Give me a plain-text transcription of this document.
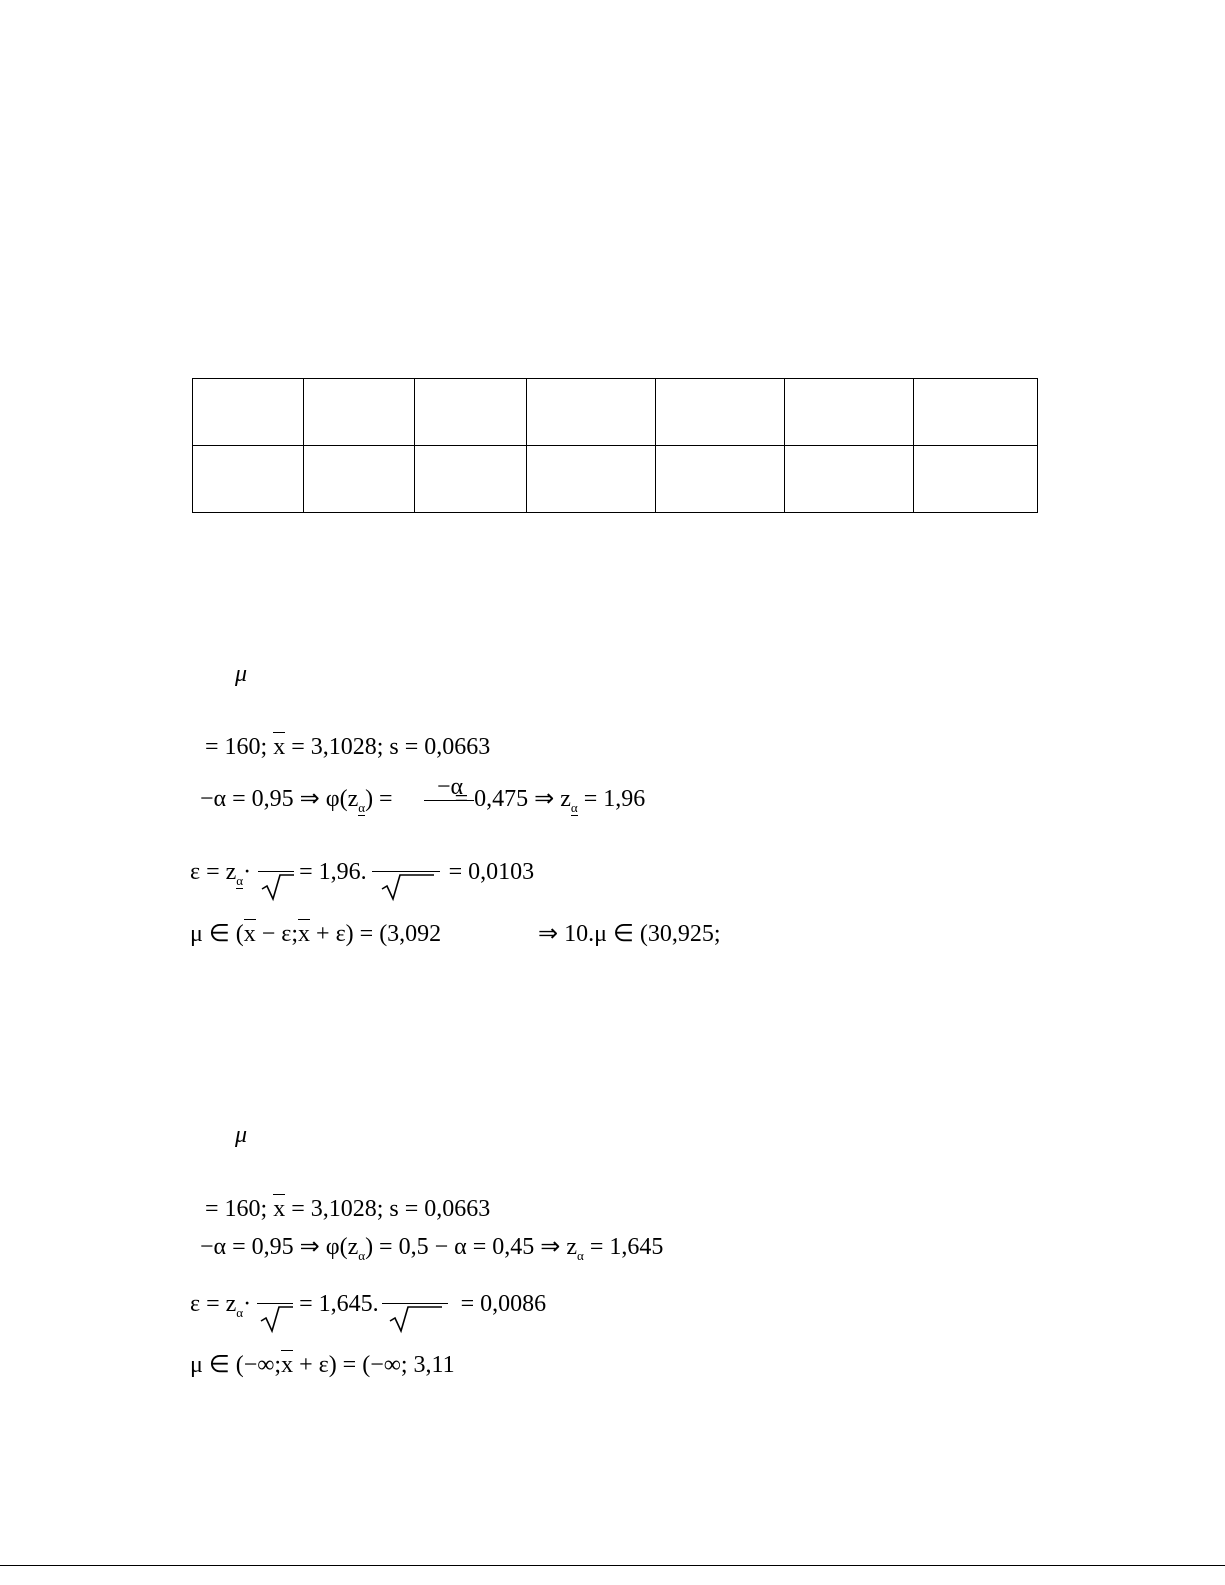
μ
= 160; x = 3,1028; s = 0,0663
−α = 0,95 ⇒ $\varphi(z_\alpha)$ =	= 0,475 ⇒ $z_\alpha = 1,96$
−α
$\varepsilon = z_\alpha\cdot = 1,96$.	= 0,0103
μ ∈ (x − ε;x + ε) = (3,092	⇒ 10.μ ∈ (30,925;
μ
= 160; x = 3,1028; s = 0,0663
−α = 0,95 ⇒ $\varphi(z_\alpha) = 0,5 - \alpha = 0,45$ ⇒ $z_\alpha = 1,645$
$\varepsilon = z_\alpha\cdot = 1,645$.	= 0,0086
μ ∈ (−∞;x + ε) = (−∞; 3,11
